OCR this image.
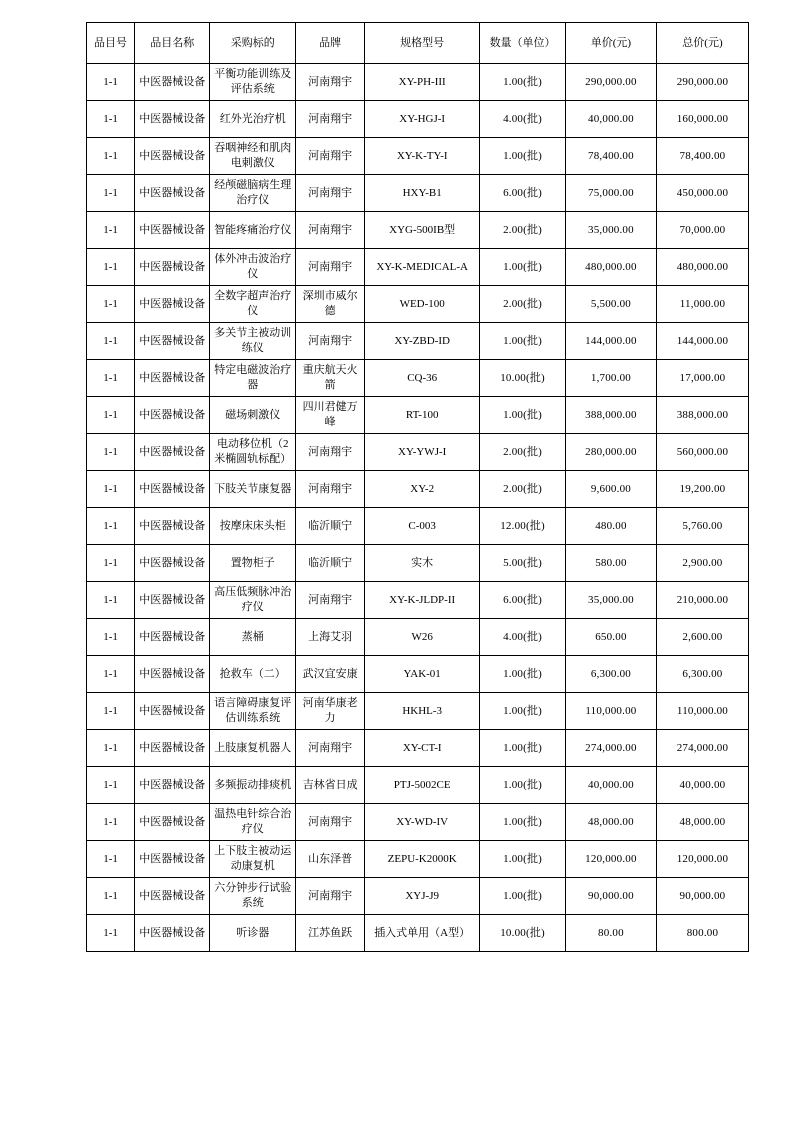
品目号	品目名称	采购标的	品牌	规格型号	数量（单位）	单价(元)	总价(元)
1-1	中医器械设备	平衡功能训练及评估系统	河南翔宇	XY-PH-III	1.00(批)	290,000.00	290,000.00
1-1	中医器械设备	红外光治疗机	河南翔宇	XY-HGJ-I	4.00(批)	40,000.00	160,000.00
1-1	中医器械设备	吞咽神经和肌肉电刺激仪	河南翔宇	XY-K-TY-I	1.00(批)	78,400.00	78,400.00
1-1	中医器械设备	经颅磁脑病生理治疗仪	河南翔宇	HXY-B1	6.00(批)	75,000.00	450,000.00
1-1	中医器械设备	智能疼痛治疗仪	河南翔宇	XYG-500IB型	2.00(批)	35,000.00	70,000.00
1-1	中医器械设备	体外冲击波治疗仪	河南翔宇	XY-K-MEDICAL-A	1.00(批)	480,000.00	480,000.00
1-1	中医器械设备	全数字超声治疗仪	深圳市威尔德	WED-100	2.00(批)	5,500.00	11,000.00
1-1	中医器械设备	多关节主被动训练仪	河南翔宇	XY-ZBD-ID	1.00(批)	144,000.00	144,000.00
1-1	中医器械设备	特定电磁波治疗器	重庆航天火箭	CQ-36	10.00(批)	1,700.00	17,000.00
1-1	中医器械设备	磁场刺激仪	四川君健万峰	RT-100	1.00(批)	388,000.00	388,000.00
1-1	中医器械设备	电动移位机（2米椭圆轨标配）	河南翔宇	XY-YWJ-I	2.00(批)	280,000.00	560,000.00
1-1	中医器械设备	下肢关节康复器	河南翔宇	XY-2	2.00(批)	9,600.00	19,200.00
1-1	中医器械设备	按摩床床头柜	临沂顺宁	C-003	12.00(批)	480.00	5,760.00
1-1	中医器械设备	置物柜子	临沂顺宁	实木	5.00(批)	580.00	2,900.00
1-1	中医器械设备	高压低频脉冲治疗仪	河南翔宇	XY-K-JLDP-II	6.00(批)	35,000.00	210,000.00
1-1	中医器械设备	蒸桶	上海艾羽	W26	4.00(批)	650.00	2,600.00
1-1	中医器械设备	抢救车（二）	武汉宜安康	YAK-01	1.00(批)	6,300.00	6,300.00
1-1	中医器械设备	语言障碍康复评估训练系统	河南华康老力	HKHL-3	1.00(批)	110,000.00	110,000.00
1-1	中医器械设备	上肢康复机器人	河南翔宇	XY-CT-I	1.00(批)	274,000.00	274,000.00
1-1	中医器械设备	多频振动排痰机	吉林省日成	PTJ-5002CE	1.00(批)	40,000.00	40,000.00
1-1	中医器械设备	温热电针综合治疗仪	河南翔宇	XY-WD-IV	1.00(批)	48,000.00	48,000.00
1-1	中医器械设备	上下肢主被动运动康复机	山东泽普	ZEPU-K2000K	1.00(批)	120,000.00	120,000.00
1-1	中医器械设备	六分钟步行试验系统	河南翔宇	XYJ-J9	1.00(批)	90,000.00	90,000.00
1-1	中医器械设备	听诊器	江苏鱼跃	插入式单用（A型）	10.00(批)	80.00	800.00
